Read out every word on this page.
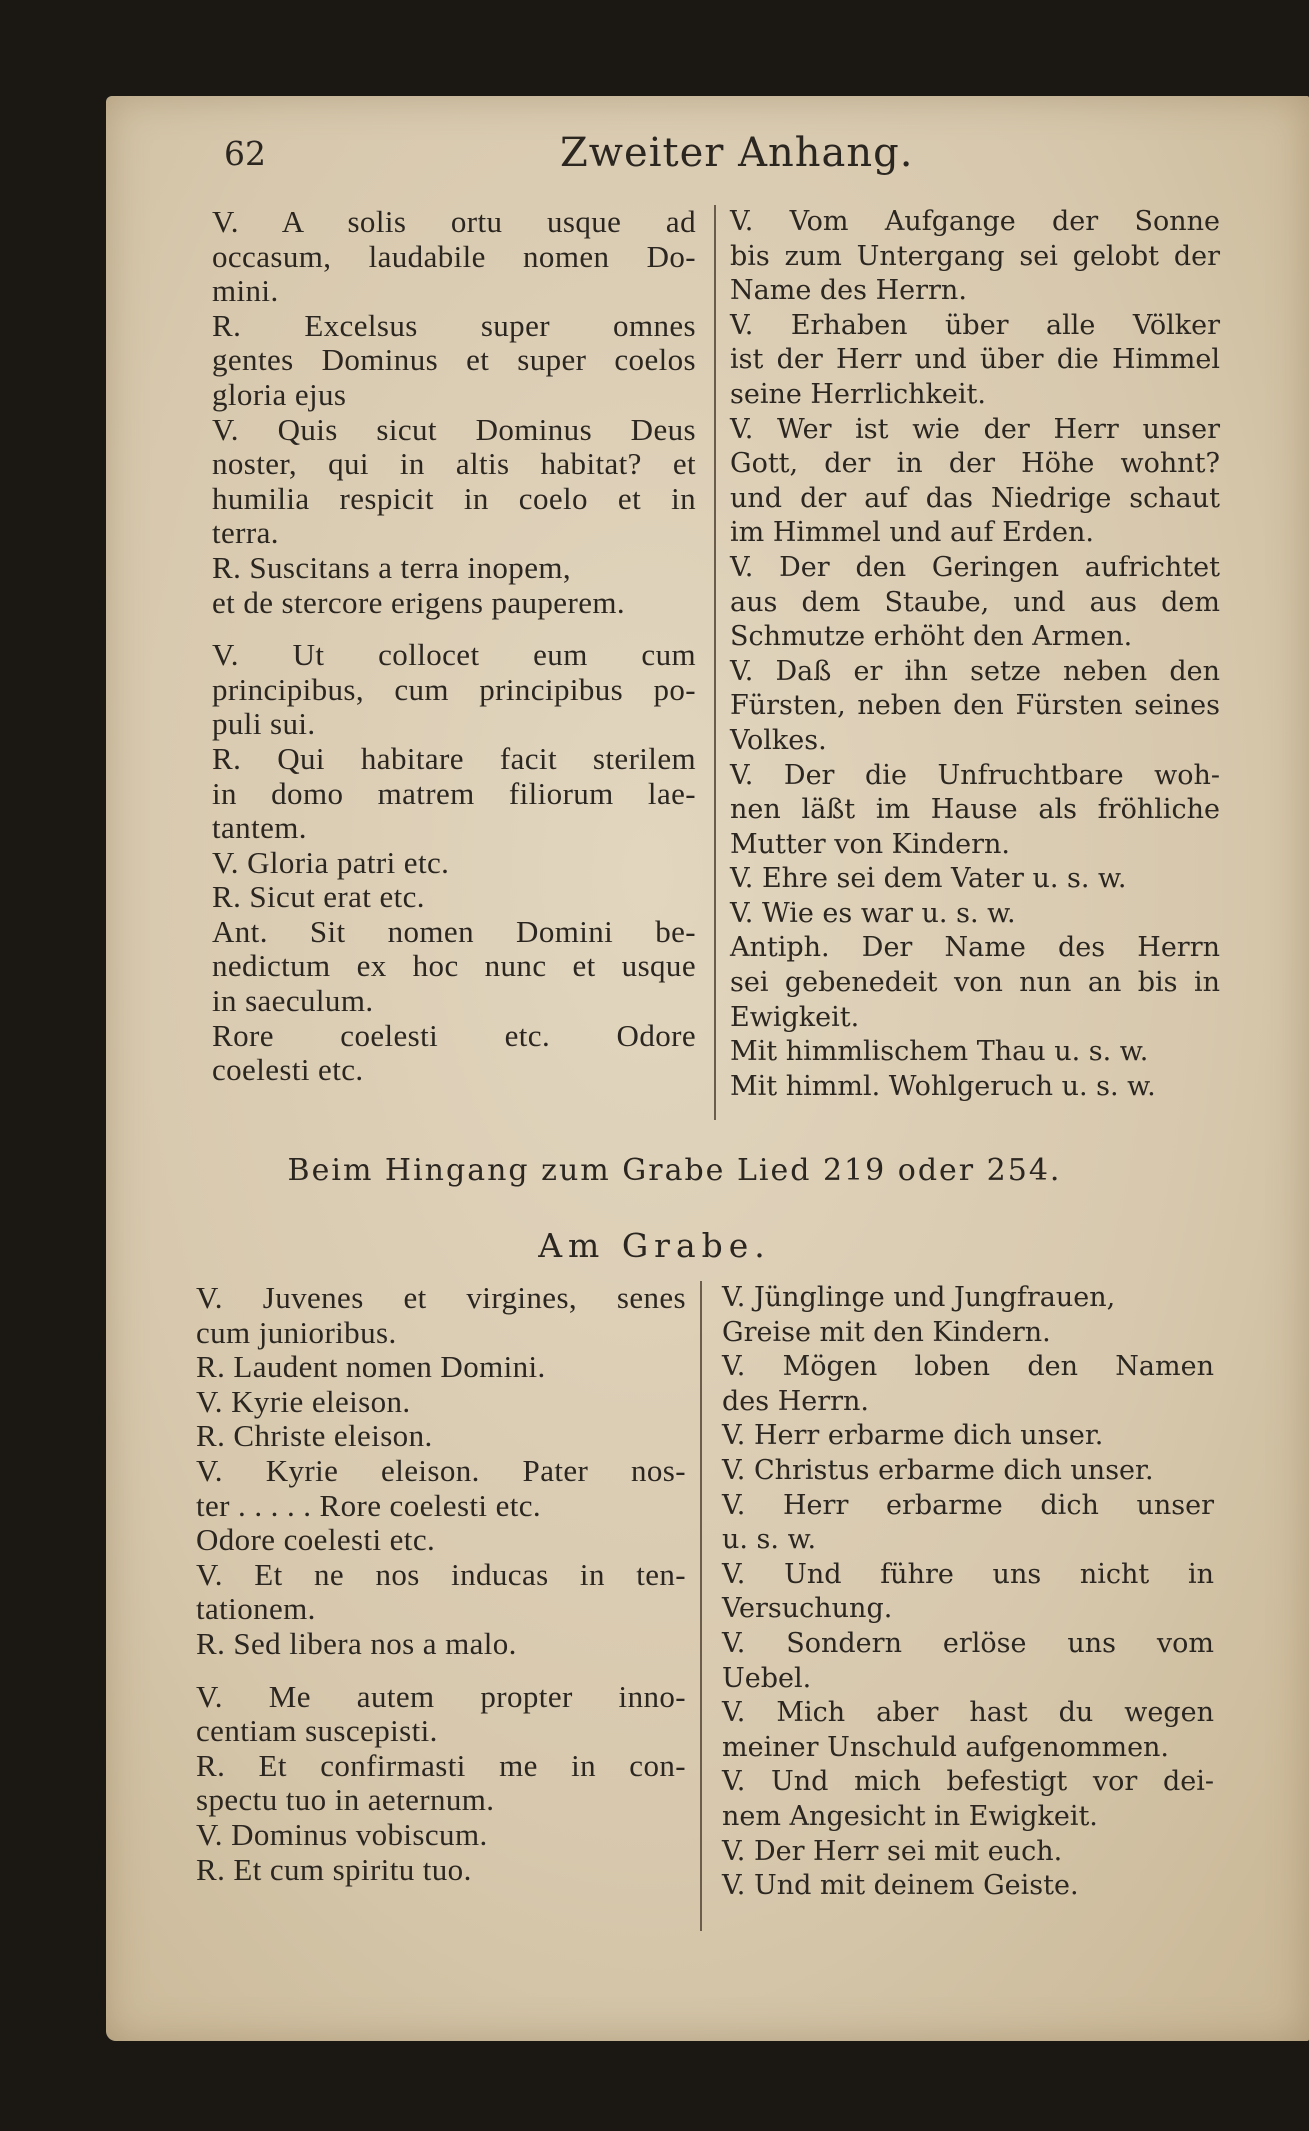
62	Zweiter Anhang.
V. A solis ortu usque ad
occasum, laudabile nomen Do-
mini.
R. Excelsus super omnes
gentes Dominus et super coelos
gloria ejus
V. Quis sicut Dominus Deus
noster, qui in altis habitat? et
humilia respicit in coelo et in
terra.
R. Suscitans a terra inopem,
et de stercore erigens pauperem.
V. Ut collocet eum cum
principibus, cum principibus po-
puli sui.
R. Qui habitare facit sterilem
in domo matrem filiorum lae-
tantem.
V. Gloria patri etc.
R. Sicut erat etc.
Ant. Sit nomen Domini be-
nedictum ex hoc nunc et usque
in saeculum.
Rore coelesti etc. Odore
coelesti etc.
V. Vom Aufgange der Sonne
bis zum Untergang sei gelobt der
Name des Herrn.
V. Erhaben über alle Völker
ist der Herr und über die Himmel
seine Herrlichkeit.
V. Wer ist wie der Herr unser
Gott, der in der Höhe wohnt?
und der auf das Niedrige schaut
im Himmel und auf Erden.
V. Der den Geringen aufrichtet
aus dem Staube, und aus dem
Schmutze erhöht den Armen.
V. Daß er ihn setze neben den
Fürsten, neben den Fürsten seines
Volkes.
V. Der die Unfruchtbare woh-
nen läßt im Hause als fröhliche
Mutter von Kindern.
V. Ehre sei dem Vater u. s. w.
V. Wie es war u. s. w.
Antiph. Der Name des Herrn
sei gebenedeit von nun an bis in
Ewigkeit.
Mit himmlischem Thau u. s. w.
Mit himml. Wohlgeruch u. s. w.
Beim Hingang zum Grabe Lied 219 oder 254.
Am Grabe.
V. Juvenes et virgines, senes
cum junioribus.
R. Laudent nomen Domini.
V. Kyrie eleison.
R. Christe eleison.
V. Kyrie eleison. Pater nos-
ter . . . . . Rore coelesti etc.
Odore coelesti etc.
V. Et ne nos inducas in ten-
tationem.
R. Sed libera nos a malo.
V. Me autem propter inno-
centiam suscepisti.
R. Et confirmasti me in con-
spectu tuo in aeternum.
V. Dominus vobiscum.
R. Et cum spiritu tuo.
V. Jünglinge und Jungfrauen,
Greise mit den Kindern.
V. Mögen loben den Namen
des Herrn.
V. Herr erbarme dich unser.
V. Christus erbarme dich unser.
V. Herr erbarme dich unser
u. s. w.
V. Und führe uns nicht in
Versuchung.
V. Sondern erlöse uns vom
Uebel.
V. Mich aber hast du wegen
meiner Unschuld aufgenommen.
V. Und mich befestigt vor dei-
nem Angesicht in Ewigkeit.
V. Der Herr sei mit euch.
V. Und mit deinem Geiste.
